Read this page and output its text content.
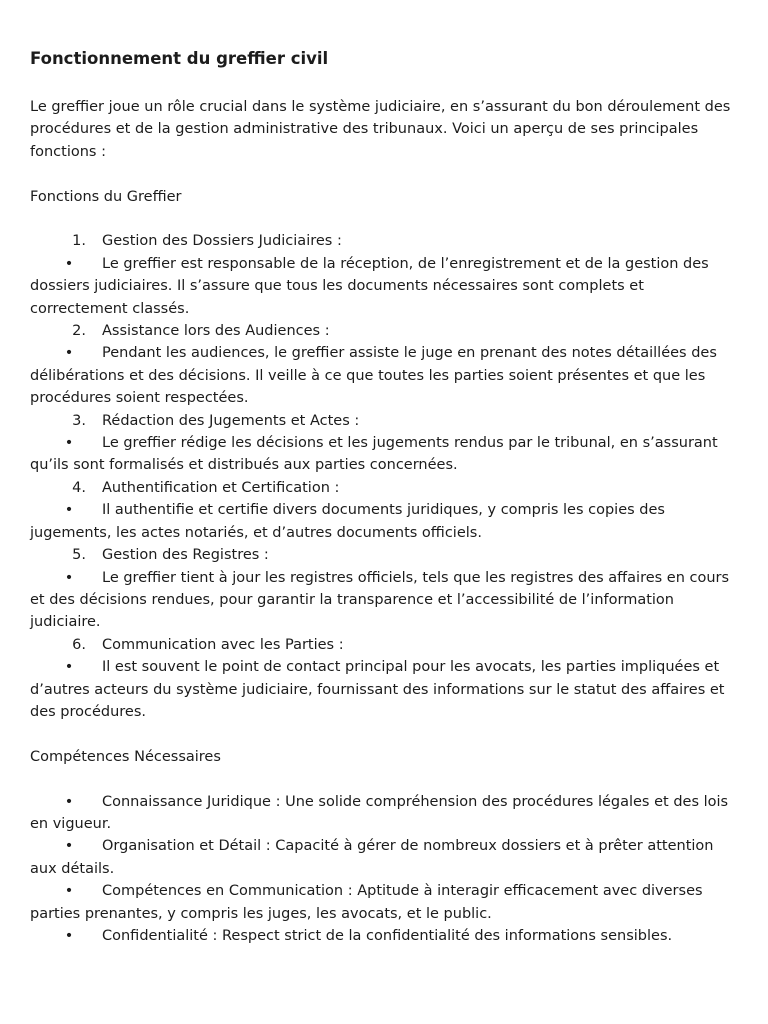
Fonctionnement du greffier civil

Le greffier joue un rôle crucial dans le système judiciaire, en s’assurant du bon déroulement des procédures et de la gestion administrative des tribunaux. Voici un aperçu de ses principales fonctions :

Fonctions du Greffier

1.	Gestion des Dossiers Judiciaires :

• Le greffier est responsable de la réception, de l’enregistrement et de la gestion des dossiers judiciaires. Il s’assure que tous les documents nécessaires sont complets et correctement classés.

2.	Assistance lors des Audiences :

• Pendant les audiences, le greffier assiste le juge en prenant des notes détaillées des délibérations et des décisions. Il veille à ce que toutes les parties soient présentes et que les procédures soient respectées.

3.	Rédaction des Jugements et Actes :

• Le greffier rédige les décisions et les jugements rendus par le tribunal, en s’assurant qu’ils sont formalisés et distribués aux parties concernées.

4.	Authentification et Certification :

• Il authentifie et certifie divers documents juridiques, y compris les copies des jugements, les actes notariés, et d’autres documents officiels.

5.	Gestion des Registres :

• Le greffier tient à jour les registres officiels, tels que les registres des affaires en cours et des décisions rendues, pour garantir la transparence et l’accessibilité de l’information judiciaire.

6.	Communication avec les Parties :

• Il est souvent le point de contact principal pour les avocats, les parties impliquées et d’autres acteurs du système judiciaire, fournissant des informations sur le statut des affaires et des procédures.

Compétences Nécessaires

• Connaissance Juridique : Une solide compréhension des procédures légales et des lois en vigueur.

• Organisation et Détail : Capacité à gérer de nombreux dossiers et à prêter attention aux détails.

• Compétences en Communication : Aptitude à interagir efficacement avec diverses parties prenantes, y compris les juges, les avocats, et le public.

• Confidentialité : Respect strict de la confidentialité des informations sensibles.
